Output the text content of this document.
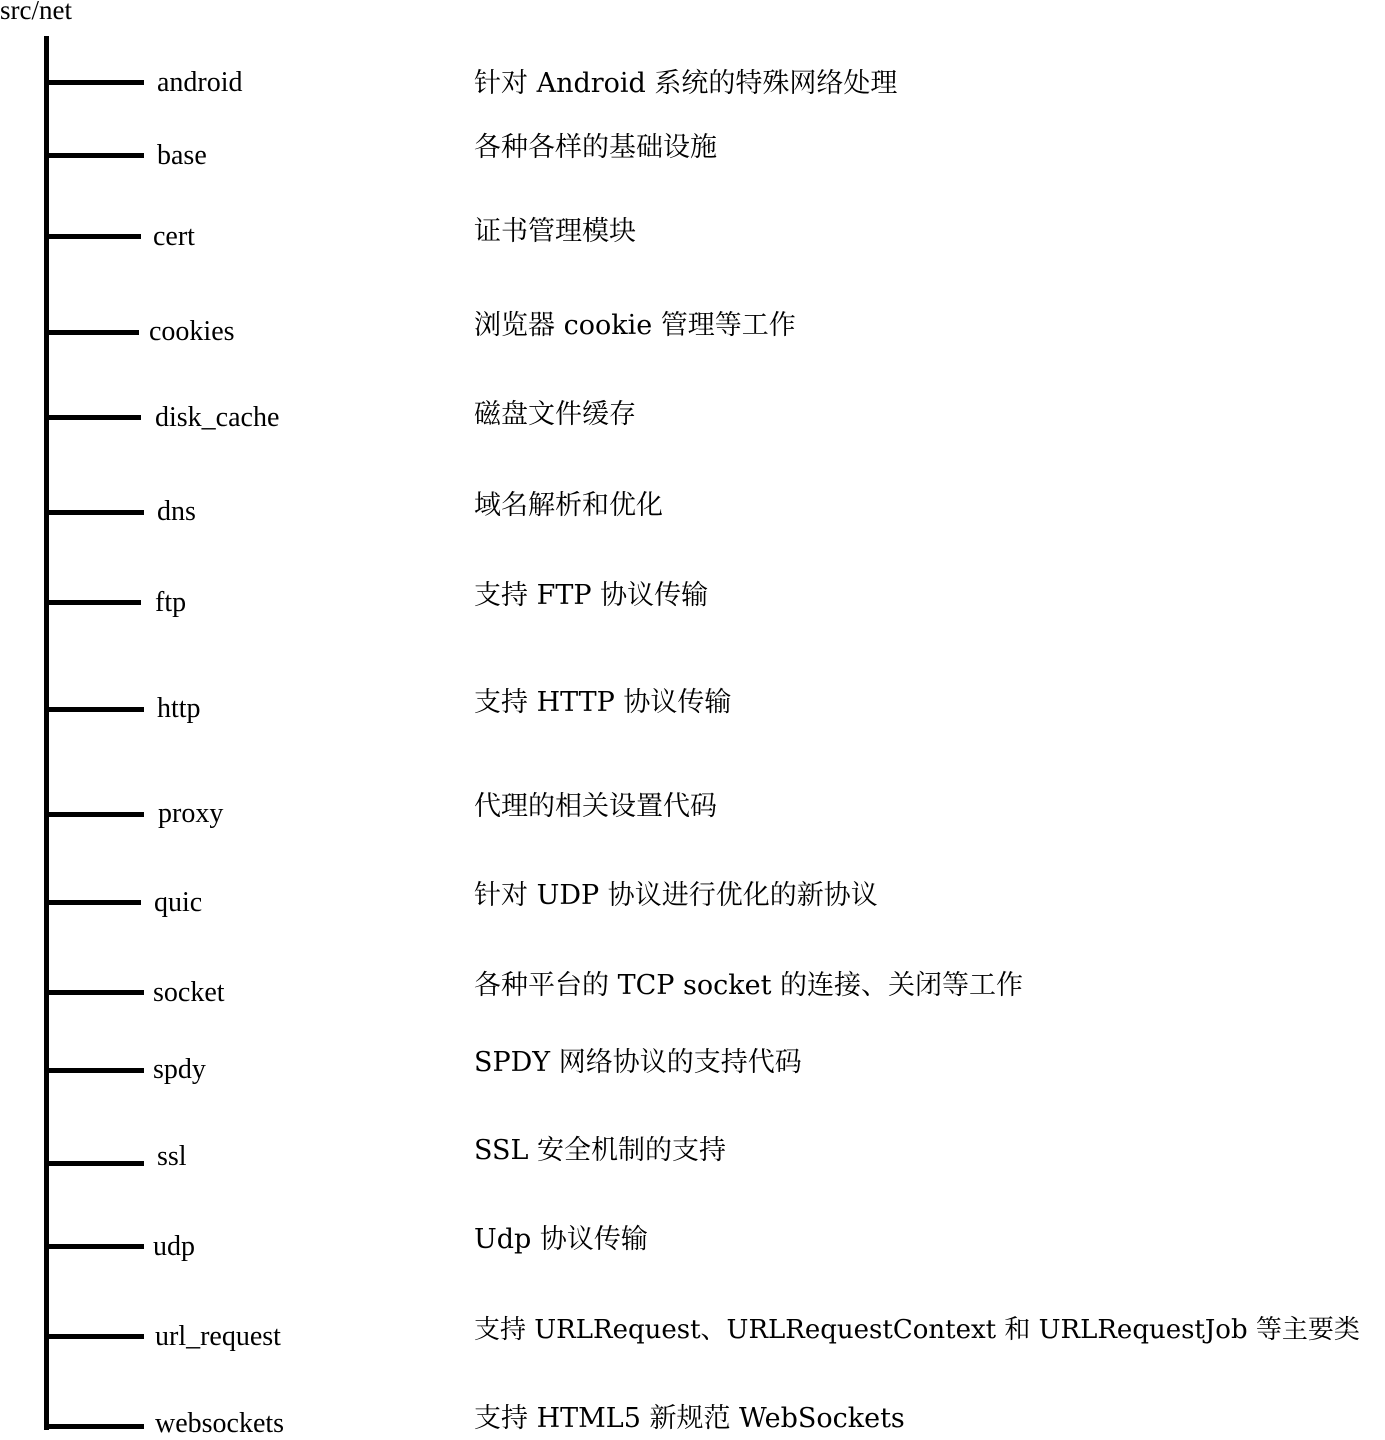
src/net
android	针对 Android 系统的特殊网络处理
base	各种各样的基础设施
cert	证书管理模块
cookies	浏览器 cookie 管理等工作
disk_cache	磁盘文件缓存
dns	域名解析和优化
ftp	支持 FTP 协议传输
http	支持 HTTP 协议传输
proxy	代理的相关设置代码
quic	针对 UDP 协议进行优化的新协议
socket	各种平台的 TCP socket 的连接、关闭等工作
spdy	SPDY 网络协议的支持代码
ssl	SSL 安全机制的支持
udp	Udp 协议传输
url_request	支持 URLRequest、URLRequestContext 和 URLRequestJob 等主要类
websockets	支持 HTML5 新规范 WebSockets
